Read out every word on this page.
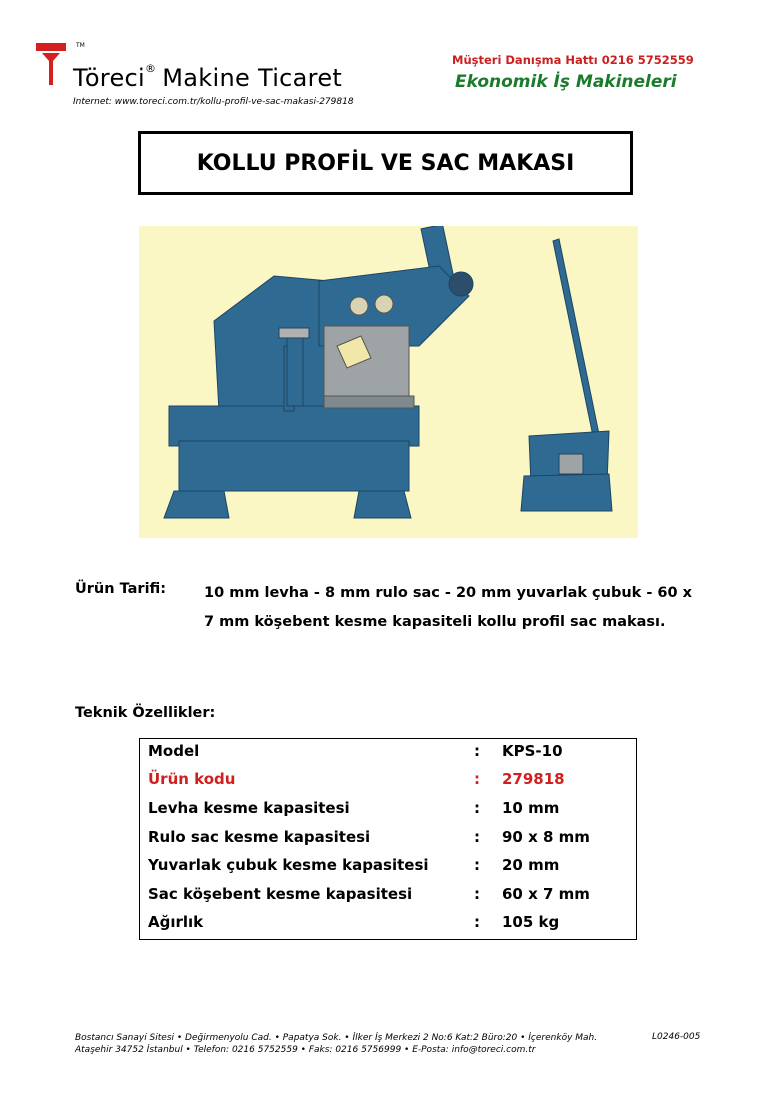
TM
Töreci® Makine Ticaret
Internet: www.toreci.com.tr/kollu-profil-ve-sac-makasi-279818
Müşteri Danışma Hattı 0216 5752559
Ekonomik İş Makineleri
KOLLU PROFİL VE SAC MAKASI
Ürün Tarifi:	10 mm levha - 8 mm rulo sac - 20 mm yuvarlak çubuk - 60 x 7 mm köşebent kesme kapasiteli kollu profil sac makası.
Teknik Özellikler:
Model	: KPS-10
Ürün kodu	: 279818
Levha kesme kapasitesi	: 10 mm
Rulo sac kesme kapasitesi	: 90 x 8 mm
Yuvarlak çubuk kesme kapasitesi	: 20 mm
Sac köşebent kesme kapasitesi	: 60 x 7 mm
Ağırlık	: 105 kg
Bostancı Sanayi Sitesi • Değirmenyolu Cad. • Papatya Sok. • İlker İş Merkezi 2 No:6 Kat:2 Büro:20 • İçerenköy Mah.
Ataşehir 34752 İstanbul • Telefon: 0216 5752559 • Faks: 0216 5756999 • E-Posta: info@toreci.com.tr
L0246-005
